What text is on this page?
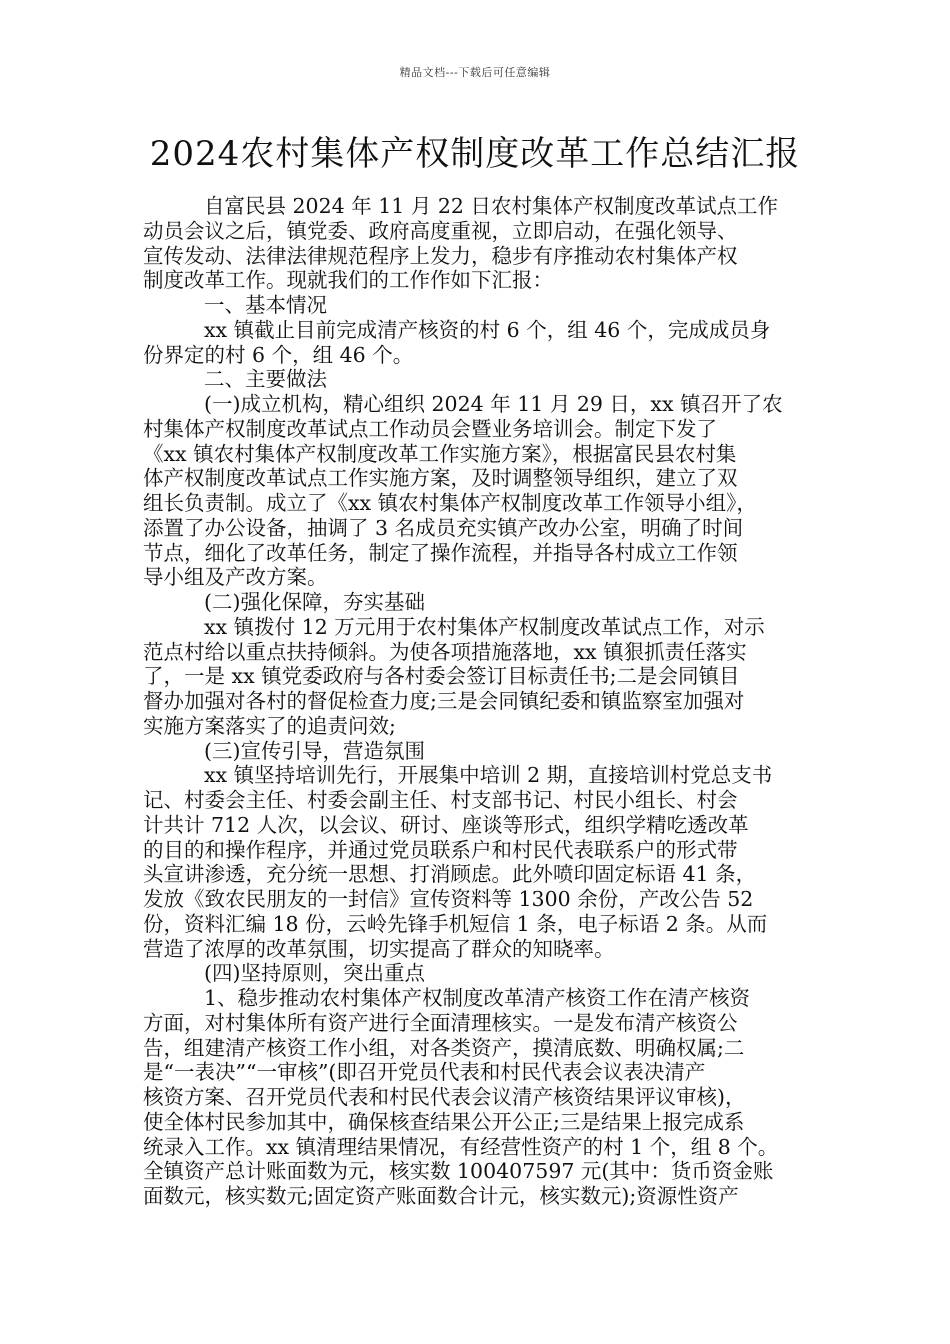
精品文档---下载后可任意编辑
2024农村集体产权制度改革工作总结汇报
自富民县 2024 年 11 月 22 日农村集体产权制度改革试点工作
动员会议之后，镇党委、政府高度重视，立即启动，在强化领导、
宣传发动、法律法律规范程序上发力，稳步有序推动农村集体产权
制度改革工作。现就我们的工作作如下汇报：
一、基本情况
xx 镇截止目前完成清产核资的村 6 个，组 46 个，完成成员身
份界定的村 6 个，组 46 个。
二、主要做法
(一)成立机构，精心组织 2024 年 11 月 29 日，xx 镇召开了农
村集体产权制度改革试点工作动员会暨业务培训会。制定下发了
《xx 镇农村集体产权制度改革工作实施方案》，根据富民县农村集
体产权制度改革试点工作实施方案，及时调整领导组织，建立了双
组长负责制。成立了《xx 镇农村集体产权制度改革工作领导小组》，
添置了办公设备，抽调了 3 名成员充实镇产改办公室，明确了时间
节点，细化了改革任务，制定了操作流程，并指导各村成立工作领
导小组及产改方案。
(二)强化保障，夯实基础
xx 镇拨付 12 万元用于农村集体产权制度改革试点工作，对示
范点村给以重点扶持倾斜。为使各项措施落地，xx 镇狠抓责任落实
了，一是 xx 镇党委政府与各村委会签订目标责任书;二是会同镇目
督办加强对各村的督促检查力度;三是会同镇纪委和镇监察室加强对
实施方案落实了的追责问效;
(三)宣传引导，营造氛围
xx 镇坚持培训先行，开展集中培训 2 期，直接培训村党总支书
记、村委会主任、村委会副主任、村支部书记、村民小组长、村会
计共计 712 人次，以会议、研讨、座谈等形式，组织学精吃透改革
的目的和操作程序，并通过党员联系户和村民代表联系户的形式带
头宣讲渗透，充分统一思想、打消顾虑。此外喷印固定标语 41 条，
发放《致农民朋友的一封信》宣传资料等 1300 余份，产改公告 52
份，资料汇编 18 份，云岭先锋手机短信 1 条，电子标语 2 条。从而
营造了浓厚的改革氛围，切实提高了群众的知晓率。
(四)坚持原则，突出重点
1、稳步推动农村集体产权制度改革清产核资工作在清产核资
方面，对村集体所有资产进行全面清理核实。一是发布清产核资公
告，组建清产核资工作小组，对各类资产，摸清底数、明确权属;二
是“一表决”“一审核”(即召开党员代表和村民代表会议表决清产
核资方案、召开党员代表和村民代表会议清产核资结果评议审核)，
使全体村民参加其中，确保核查结果公开公正;三是结果上报完成系
统录入工作。xx 镇清理结果情况，有经营性资产的村 1 个，组 8 个。
全镇资产总计账面数为元，核实数 100407597 元(其中：货币资金账
面数元，核实数元;固定资产账面数合计元，核实数元);资源性资产
